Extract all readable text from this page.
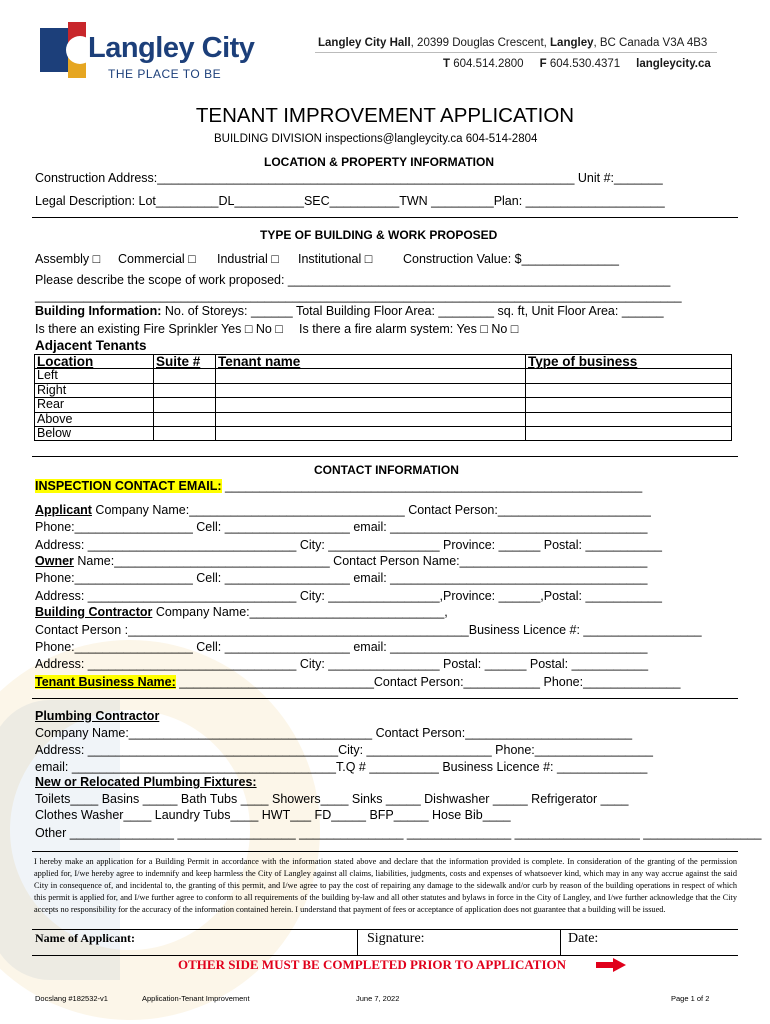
Langley City
THE PLACE TO BE
Langley City Hall, 20399 Douglas Crescent, Langley, BC Canada V3A 4B3
T 604.514.2800 F 604.530.4371 langleycity.ca
TENANT IMPROVEMENT APPLICATION
BUILDING DIVISION inspections@langleycity.ca 604-514-2804
LOCATION & PROPERTY INFORMATION
Construction Address:____________________________________________________________ Unit #:_______
Legal Description: Lot_________DL__________SEC__________TWN _________Plan: ____________________
TYPE OF BUILDING & WORK PROPOSED
Assembly □ Commercial □ Industrial □ Institutional □ Construction Value: $______________
Please describe the scope of work proposed: _______________________________________________________
_____________________________________________________________________________________________
Building Information: No. of Storeys: ______ Total Building Floor Area: ________ sq. ft, Unit Floor Area: ______
Is there an existing Fire Sprinkler Yes □ No □ Is there a fire alarm system: Yes □ No □
Adjacent Tenants
Location	Suite #	Tenant name	Type of business
Left			
Right			
Rear			
Above			
Below			
CONTACT INFORMATION
INSPECTION CONTACT EMAIL: ____________________________________________________________
Applicant Company Name:_______________________________ Contact Person:______________________
Phone:_________________ Cell: __________________ email: _____________________________________
Address: ______________________________ City: ________________ Province: ______ Postal: ___________
Owner Name:_______________________________ Contact Person Name:___________________________
Phone:_________________ Cell: __________________ email: _____________________________________
Address: ______________________________ City: ________________,Province: ______,Postal: ___________
Building Contractor Company Name:____________________________,
Contact Person :_________________________________________________Business Licence #: _________________
Phone:_________________ Cell: __________________ email: _____________________________________
Address: ______________________________ City: ________________ Postal: ______ Postal: ___________
Tenant Business Name: ____________________________Contact Person:___________ Phone:______________
Plumbing Contractor
Company Name:___________________________________ Contact Person:________________________
Address: ____________________________________City: __________________ Phone:_________________
email: ______________________________________T.Q # __________ Business Licence #: _____________
New or Relocated Plumbing Fixtures:
Toilets____ Basins _____ Bath Tubs ____ Showers____ Sinks _____ Dishwasher _____ Refrigerator ____
Clothes Washer____ Laundry Tubs____ HWT___ FD_____ BFP_____ Hose Bib____
Other _______________ _________________ _______________ _______________ __________________ _________________
I hereby make an application for a Building Permit in accordance with the information stated above and declare that the information provided is complete. In consideration of the granting of the permission applied for, I/we hereby agree to indemnify and keep harmless the City of Langley against all claims, liabilities, judgments, costs and expenses of whatsoever kind, which may in any way accrue against the said City in consequence of, and incidental to, the granting of this permit, and I/we agree to pay the cost of repairing any damage to the sidewalk and/or curb by reason of the building operations in respect of which this permit is applied for, and I/we further agree to conform to all requirements of the building by-law and all other statutes and bylaws in force in the City of Langley, and I/we further acknowledge that the City accepts no responsibility for the accuracy of the information contained herein. I understand that payment of fees or acceptance of application does not guarantee that a building will be issued.
Name of Applicant:	Signature:	Date:
OTHER SIDE MUST BE COMPLETED PRIOR TO APPLICATION
Docslang #182532-v1	Application-Tenant Improvement	June 7, 2022	Page 1 of 2
